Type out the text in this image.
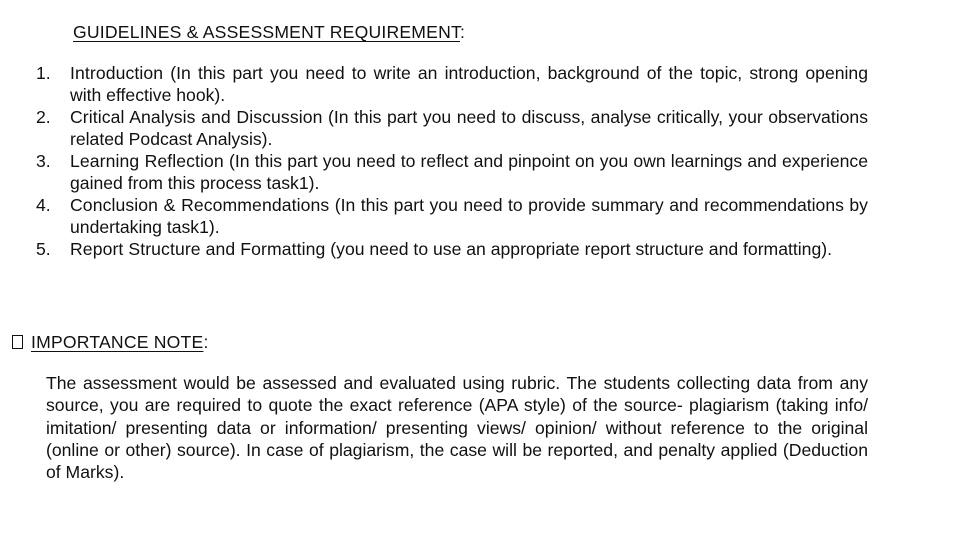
GUIDELINES & ASSESSMENT REQUIREMENT:
1. Introduction (In this part you need to write an introduction, background of the topic, strong opening with effective hook).
2. Critical Analysis and Discussion (In this part you need to discuss, analyse critically, your observations related Podcast Analysis).
3. Learning Reflection (In this part you need to reflect and pinpoint on you own learnings and experience gained from this process task1).
4. Conclusion & Recommendations (In this part you need to provide summary and recommendations by undertaking task1).
5. Report Structure and Formatting (you need to use an appropriate report structure and formatting).
IMPORTANCE NOTE:
The assessment would be assessed and evaluated using rubric. The students collecting data from any source, you are required to quote the exact reference (APA style) of the source- plagiarism (taking info/ imitation/ presenting data or information/ presenting views/ opinion/ without reference to the original (online or other) source). In case of plagiarism, the case will be reported, and penalty applied (Deduction of Marks).
